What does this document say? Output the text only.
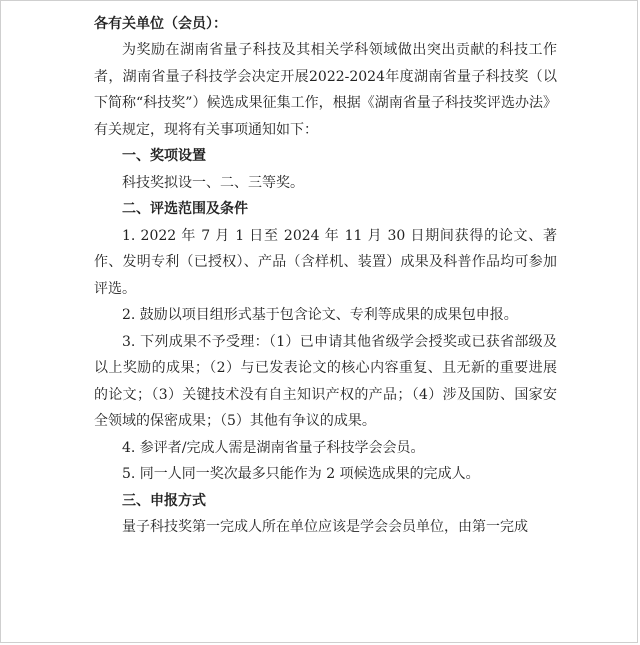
各有关单位（会员）：

为奖励在湖南省量子科技及其相关学科领域做出突出贡献的科技工作者，湖南省量子科技学会决定开展2022-2024年度湖南省量子科技奖（以下简称“科技奖”）候选成果征集工作，根据《湖南省量子科技奖评选办法》有关规定，现将有关事项通知如下：

一、奖项设置

科技奖拟设一、二、三等奖。

二、评选范围及条件

1. 2022 年 7 月 1 日至 2024 年 11 月 30 日期间获得的论文、著作、发明专利（已授权）、产品（含样机、装置）成果及科普作品均可参加评选。

2. 鼓励以项目组形式基于包含论文、专利等成果的成果包申报。

3. 下列成果不予受理：（1）已申请其他省级学会授奖或已获省部级及以上奖励的成果；（2）与已发表论文的核心内容重复、且无新的重要进展的论文；（3）关键技术没有自主知识产权的产品；（4）涉及国防、国家安全领域的保密成果；（5）其他有争议的成果。

4. 参评者/完成人需是湖南省量子科技学会会员。

5. 同一人同一奖次最多只能作为 2 项候选成果的完成人。

三、申报方式

量子科技奖第一完成人所在单位应该是学会会员单位，由第一完成
